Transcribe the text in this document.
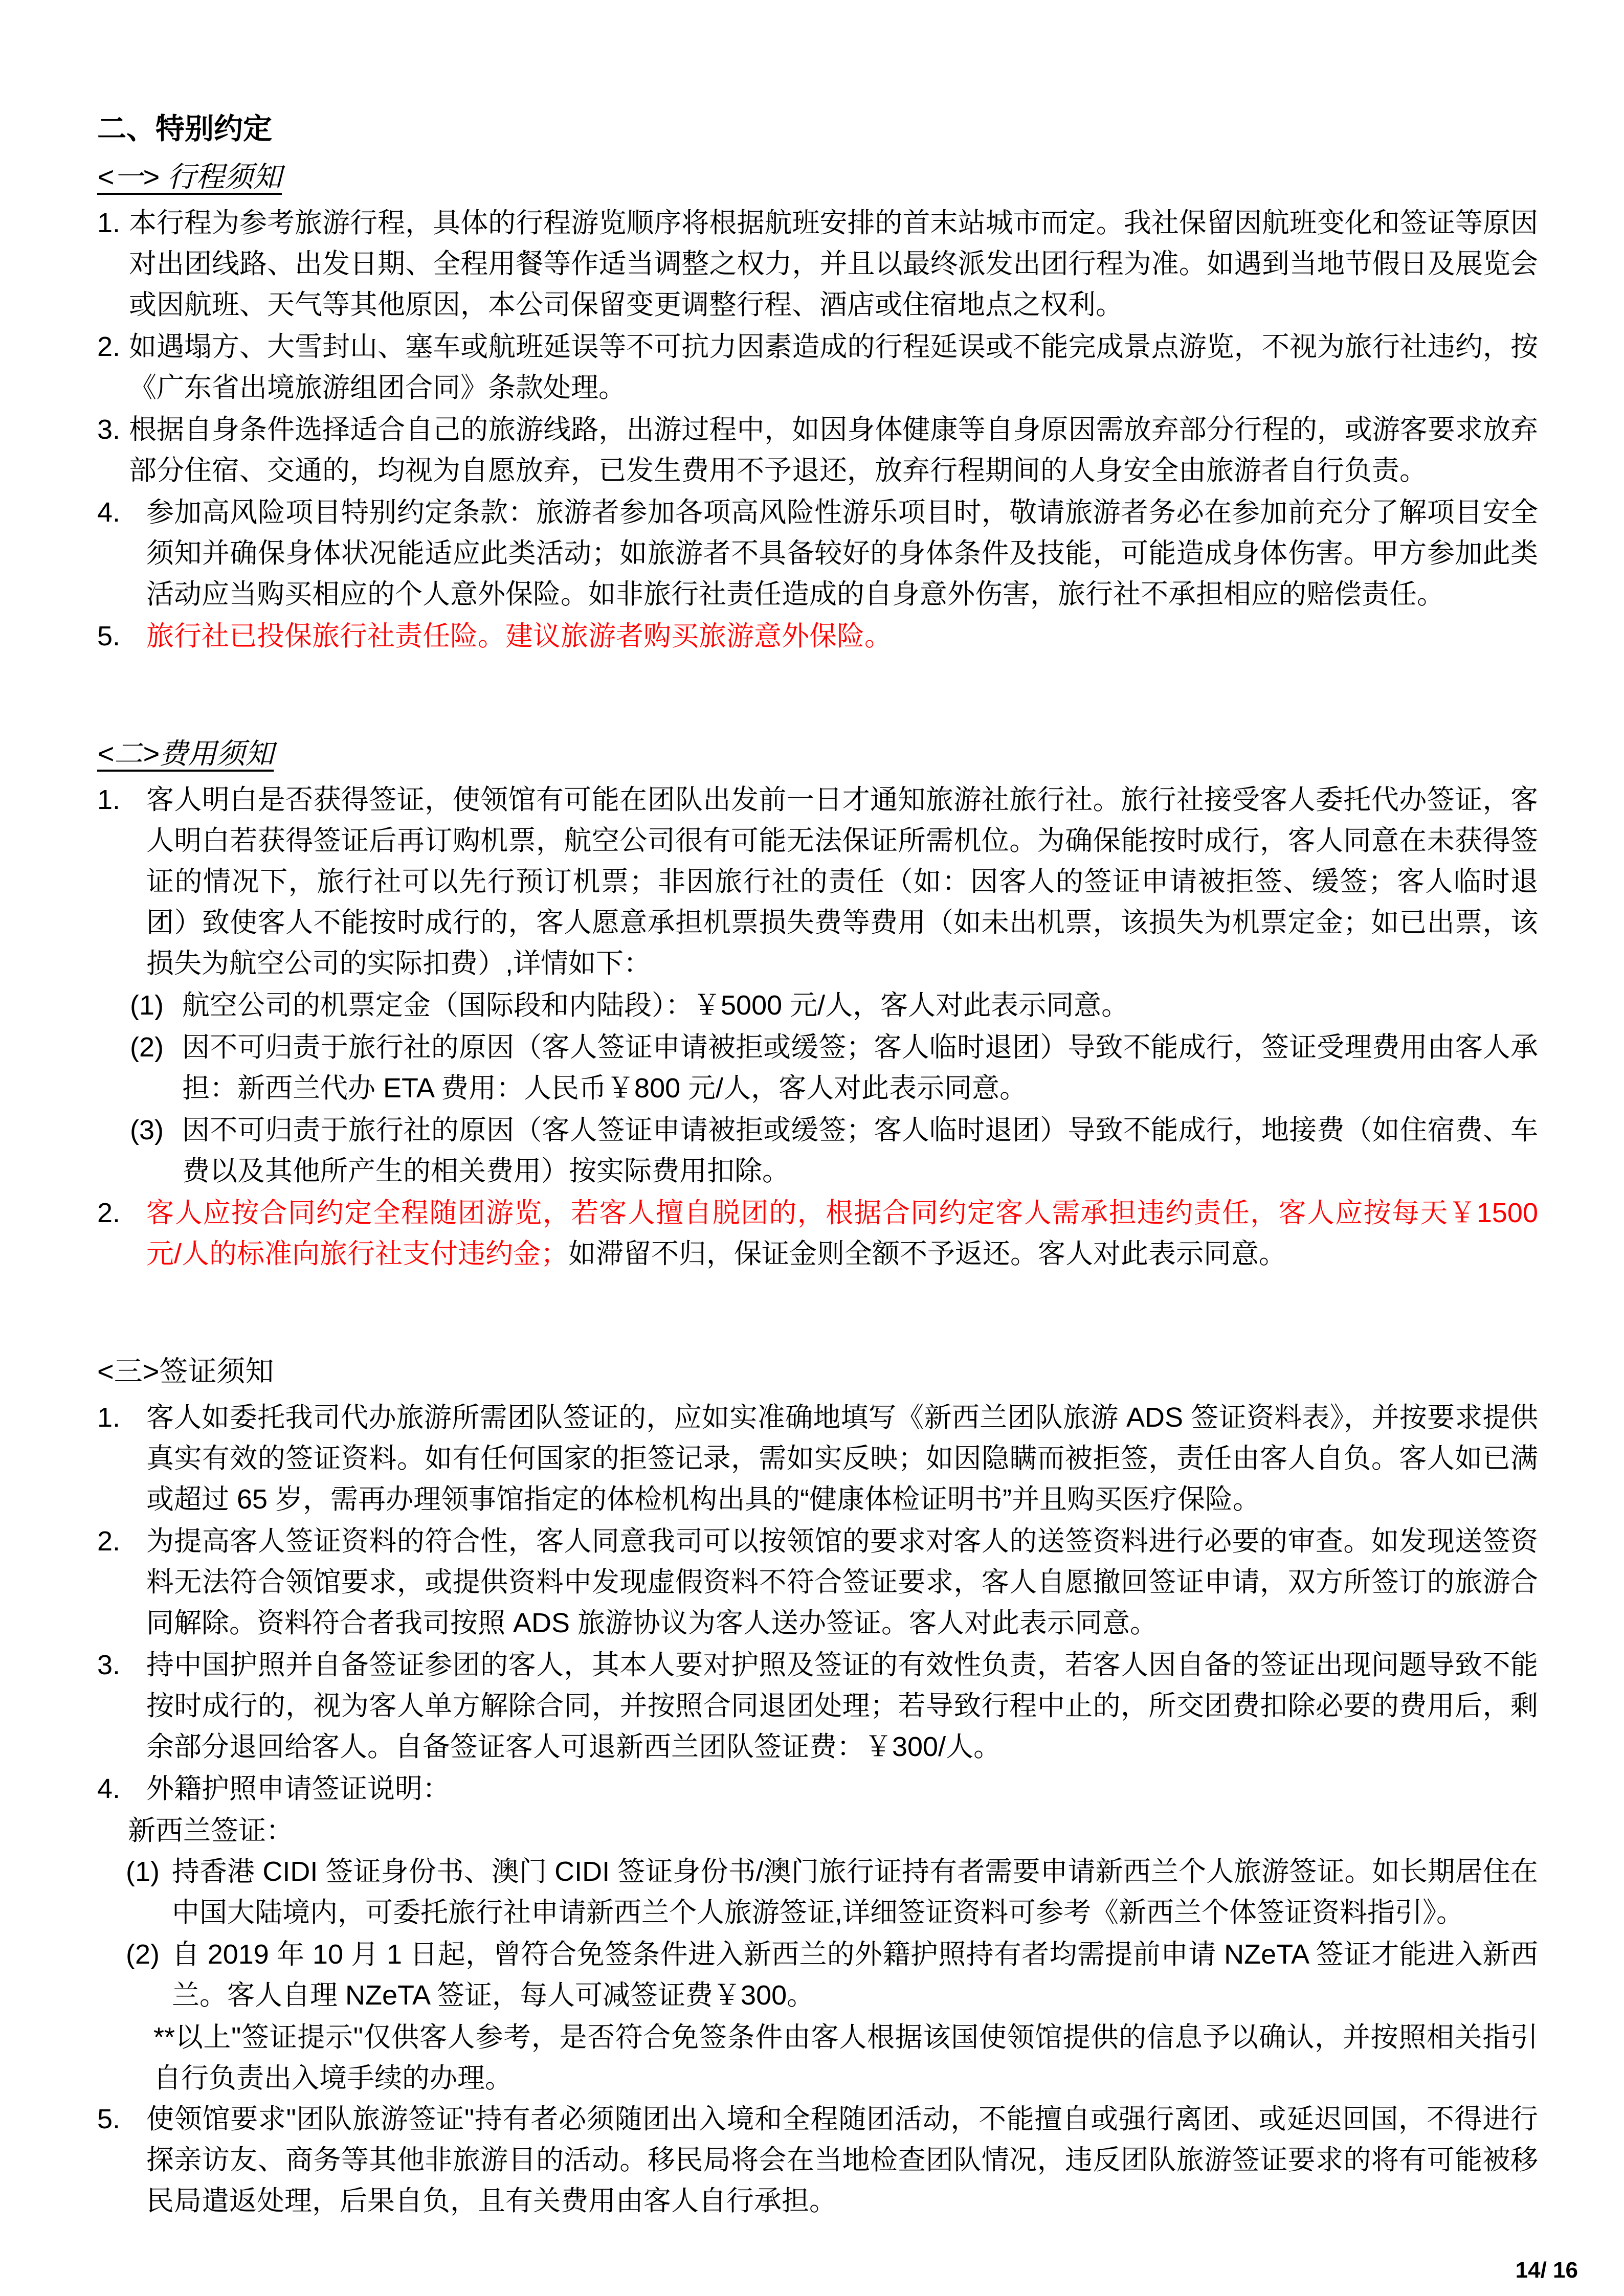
二、特别约定
<一> 行程须知
1. 本行程为参考旅游行程，具体的行程游览顺序将根据航班安排的首末站城市而定。我社保留因航班变化和签证等原因对出团线路、出发日期、全程用餐等作适当调整之权力，并且以最终派发出团行程为准。如遇到当地节假日及展览会或因航班、天气等其他原因，本公司保留变更调整行程、酒店或住宿地点之权利。
2. 如遇塌方、大雪封山、塞车或航班延误等不可抗力因素造成的行程延误或不能完成景点游览，不视为旅行社违约，按《广东省出境旅游组团合同》条款处理。
3. 根据自身条件选择适合自己的旅游线路，出游过程中，如因身体健康等自身原因需放弃部分行程的，或游客要求放弃部分住宿、交通的，均视为自愿放弃，已发生费用不予退还，放弃行程期间的人身安全由旅游者自行负责。
4. 参加高风险项目特别约定条款：旅游者参加各项高风险性游乐项目时，敬请旅游者务必在参加前充分了解项目安全须知并确保身体状况能适应此类活动；如旅游者不具备较好的身体条件及技能，可能造成身体伤害。甲方参加此类活动应当购买相应的个人意外保险。如非旅行社责任造成的自身意外伤害，旅行社不承担相应的赔偿责任。
5. 旅行社已投保旅行社责任险。建议旅游者购买旅游意外保险。
<二>费用须知
1. 客人明白是否获得签证，使领馆有可能在团队出发前一日才通知旅游社旅行社。旅行社接受客人委托代办签证，客人明白若获得签证后再订购机票，航空公司很有可能无法保证所需机位。为确保能按时成行，客人同意在未获得签证的情况下，旅行社可以先行预订机票；非因旅行社的责任（如：因客人的签证申请被拒签、缓签；客人临时退团）致使客人不能按时成行的，客人愿意承担机票损失费等费用（如未出机票，该损失为机票定金；如已出票，该损失为航空公司的实际扣费）,详情如下：
(1) 航空公司的机票定金（国际段和内陆段）：￥5000 元/人，客人对此表示同意。
(2) 因不可归责于旅行社的原因（客人签证申请被拒或缓签；客人临时退团）导致不能成行，签证受理费用由客人承担：新西兰代办 ETA 费用：人民币￥800 元/人，客人对此表示同意。
(3) 因不可归责于旅行社的原因（客人签证申请被拒或缓签；客人临时退团）导致不能成行，地接费（如住宿费、车费以及其他所产生的相关费用）按实际费用扣除。
2. 客人应按合同约定全程随团游览，若客人擅自脱团的，根据合同约定客人需承担违约责任，客人应按每天￥1500 元/人的标准向旅行社支付违约金；如滞留不归，保证金则全额不予返还。客人对此表示同意。
<三>签证须知
1. 客人如委托我司代办旅游所需团队签证的，应如实准确地填写《新西兰团队旅游 ADS 签证资料表》，并按要求提供真实有效的签证资料。如有任何国家的拒签记录，需如实反映；如因隐瞒而被拒签，责任由客人自负。客人如已满或超过 65 岁，需再办理领事馆指定的体检机构出具的“健康体检证明书”并且购买医疗保险。
2. 为提高客人签证资料的符合性，客人同意我司可以按领馆的要求对客人的送签资料进行必要的审查。如发现送签资料无法符合领馆要求，或提供资料中发现虚假资料不符合签证要求，客人自愿撤回签证申请，双方所签订的旅游合同解除。资料符合者我司按照 ADS 旅游协议为客人送办签证。客人对此表示同意。
3. 持中国护照并自备签证参团的客人，其本人要对护照及签证的有效性负责，若客人因自备的签证出现问题导致不能按时成行的，视为客人单方解除合同，并按照合同退团处理；若导致行程中止的，所交团费扣除必要的费用后，剩余部分退回给客人。自备签证客人可退新西兰团队签证费：￥300/人。
4. 外籍护照申请签证说明：
新西兰签证：
(1) 持香港 CIDI 签证身份书、澳门 CIDI 签证身份书/澳门旅行证持有者需要申请新西兰个人旅游签证。如长期居住在中国大陆境内，可委托旅行社申请新西兰个人旅游签证,详细签证资料可参考《新西兰个体签证资料指引》。
(2) 自 2019 年 10 月 1 日起，曾符合免签条件进入新西兰的外籍护照持有者均需提前申请 NZeTA 签证才能进入新西兰。客人自理 NZeTA 签证，每人可减签证费￥300。
**以上"签证提示"仅供客人参考，是否符合免签条件由客人根据该国使领馆提供的信息予以确认，并按照相关指引自行负责出入境手续的办理。
5. 使领馆要求"团队旅游签证"持有者必须随团出入境和全程随团活动，不能擅自或强行离团、或延迟回国，不得进行探亲访友、商务等其他非旅游目的活动。移民局将会在当地检查团队情况，违反团队旅游签证要求的将有可能被移民局遣返处理，后果自负，且有关费用由客人自行承担。
14/ 16
